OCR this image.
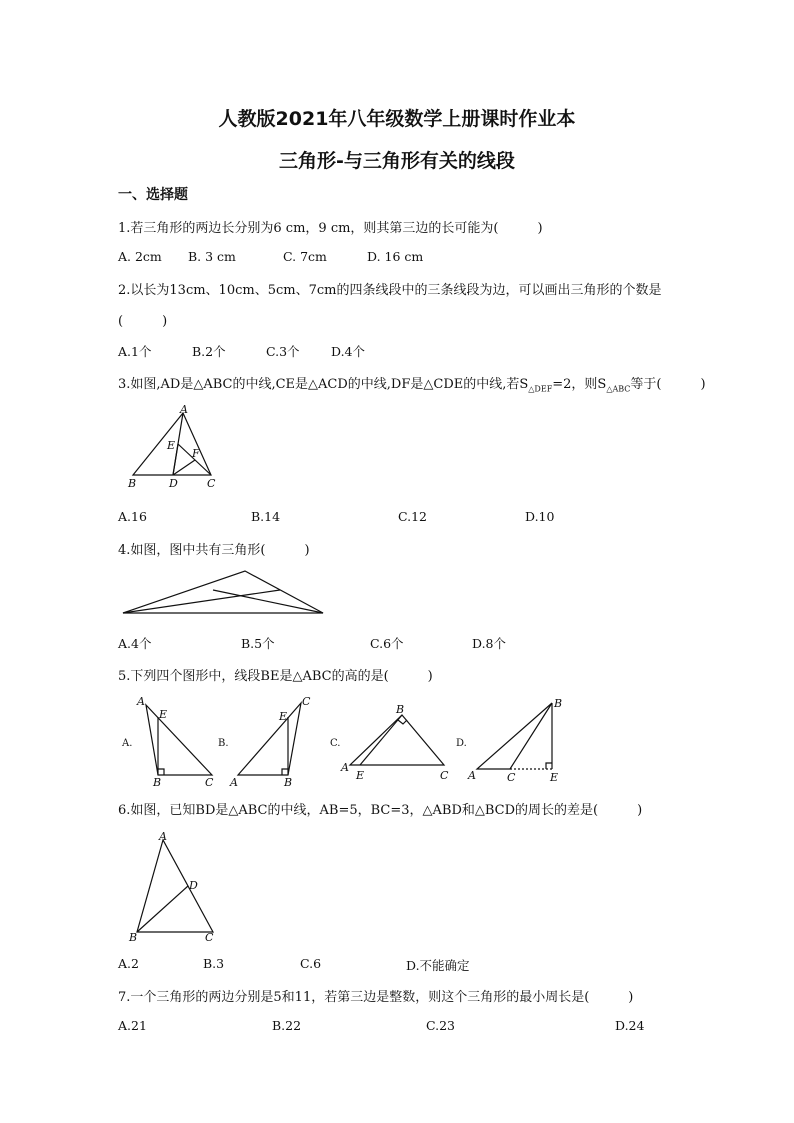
人教版2021年八年级数学上册课时作业本
三角形-与三角形有关的线段
一、选择题
1.若三角形的两边长分别为6 cm，9 cm，则其第三边的长可能为(　　　)
A. 2cm B. 3 cm	C. 7cm	D. 16 cm
2.以长为13cm、10cm、5cm、7cm的四条线段中的三条线段为边，可以画出三角形的个数是
(　　　)
A.1个	B.2个	C.3个	D.4个
3.如图,AD是△ABC的中线,CE是△ACD的中线,DF是△CDE的中线,若$S_{\triangle DEF}=2$，则$S_{\triangle ABC}$等于(　　　)
A
E
F
B	D	C
A.16	B.14	C.12	D.10
4.如图，图中共有三角形(　　　)
A.4个	B.5个	C.6个	D.8个
5.下列四个图形中，线段BE是△ABC的高的是(　　　)
A.
A
E
B	C
B.
E
C
A	B
C.
B
A
E	C
D.
B
A	C	E
6.如图，已知BD是△ABC的中线，AB=5，BC=3，△ABD和△BCD的周长的差是(　　　)
A
D
B	C
A.2	B.3	C.6	D.不能确定
7.一个三角形的两边分别是5和11，若第三边是整数，则这个三角形的最小周长是(　　　)
A.21	B.22	C.23	D.24
